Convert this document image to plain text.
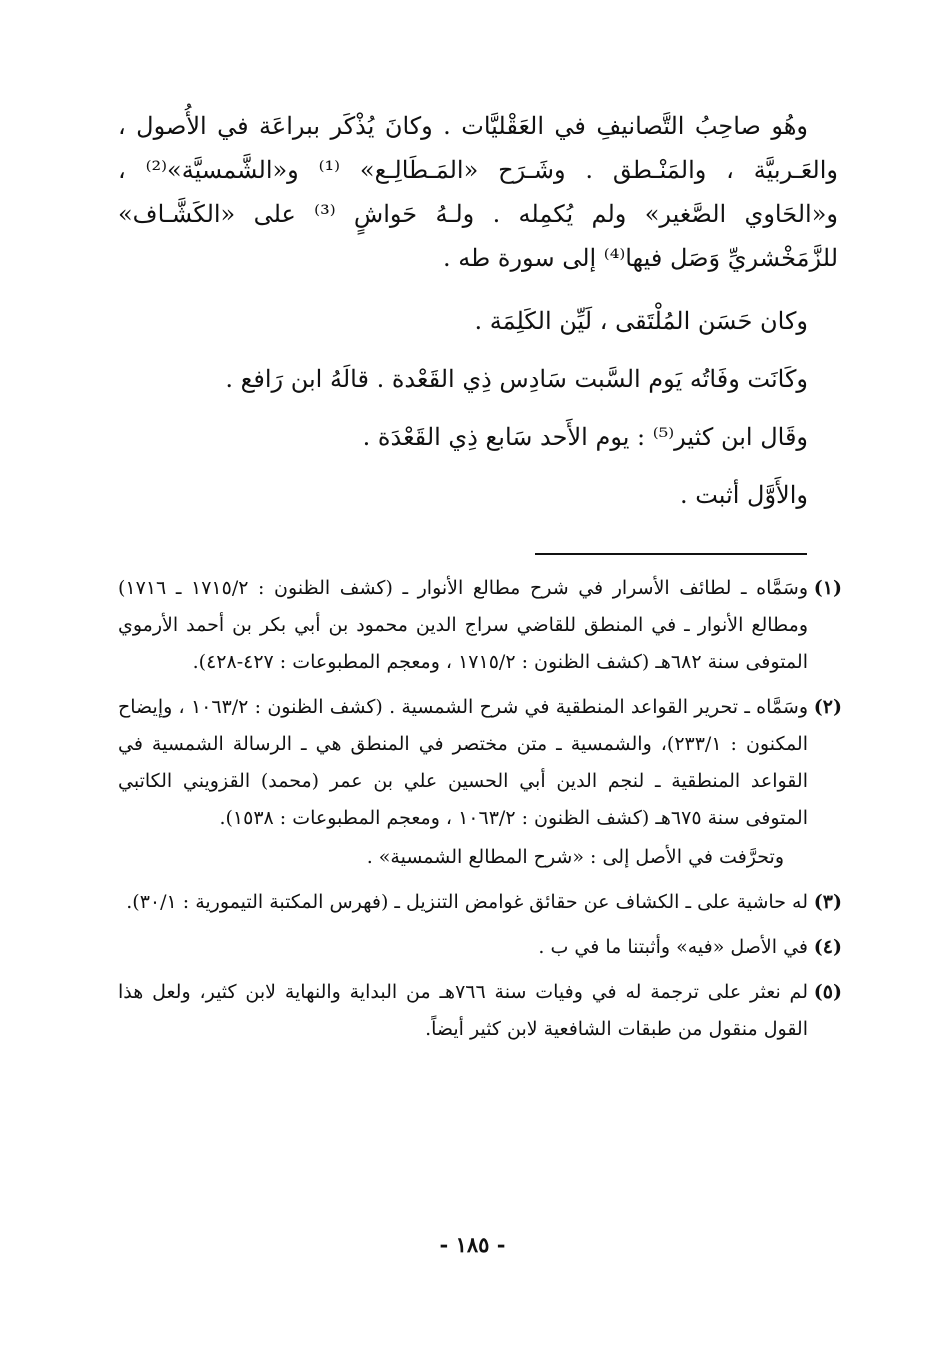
وهُو صاحِبُ التَّصانيفِ في العَقْليَّات . وكانَ يُذْكَر ببراعَة في الأُصول ، والعَـربيَّة ، والمَنْـطق . وشَـرَح «المَـطَالِـع» ⁽¹⁾ و«الشَّمسيَّة»⁽²⁾ ، و«الحَاوي الصَّغير» ولم يُكمِله . ولـهُ حَواشٍ ⁽³⁾ على «الكَشَّـاف» للزَّمَخْشريِّ وَصَل فيها⁽⁴⁾ إلى سورة طه .

وكان حَسَن المُلْتَقى ، لَيِّن الكَلِمَة .

وكَانَت وفَاتُه يَوم السَّبت سَادِس ذِي القَعْدة . قالَهُ ابن رَافع .

وقَال ابن كثير⁽⁵⁾ : يوم الأَحد سَابع ذِي القَعْدَة .

والأَوَّل أثبت .

(١)
وسَمَّاه ـ لطائف الأسرار في شرح مطالع الأنوار ـ (كشف الظنون : ١٧١٥/٢ ـ ١٧١٦) ومطالع الأنوار ـ في المنطق للقاضي سراج الدين محمود بن أبي بكر بن أحمد الأرموي المتوفى سنة ٦٨٢هـ (كشف الظنون : ١٧١٥/٢ ، ومعجم المطبوعات : ٤٢٧-٤٢٨).
(٢)
وسَمَّاه ـ تحرير القواعد المنطقية في شرح الشمسية . (كشف الظنون : ١٠٦٣/٢ ، وإيضاح المكنون : ٢٣٣/١)، والشمسية ـ متن مختصر في المنطق هي ـ الرسالة الشمسية في القواعد المنطقية ـ لنجم الدين أبي الحسين علي بن عمر (محمد) القزويني الكاتبي المتوفى سنة ٦٧٥هـ (كشف الظنون : ١٠٦٣/٢ ، ومعجم المطبوعات : ١٥٣٨).
وتحرَّفت في الأصل إلى : «شرح المطالع الشمسية» .
(٣)
له حاشية على ـ الكشاف عن حقائق غوامض التنزيل ـ (فهرس المكتبة التيمورية : ٣٠/١).
(٤)
في الأصل «فيه» وأثبتنا ما في ب .
(٥)
لم نعثر على ترجمة له في وفيات سنة ٧٦٦هـ من البداية والنهاية لابن كثير، ولعل هذا القول منقول من طبقات الشافعية لابن كثير أيضاً.
- ١٨٥ -
